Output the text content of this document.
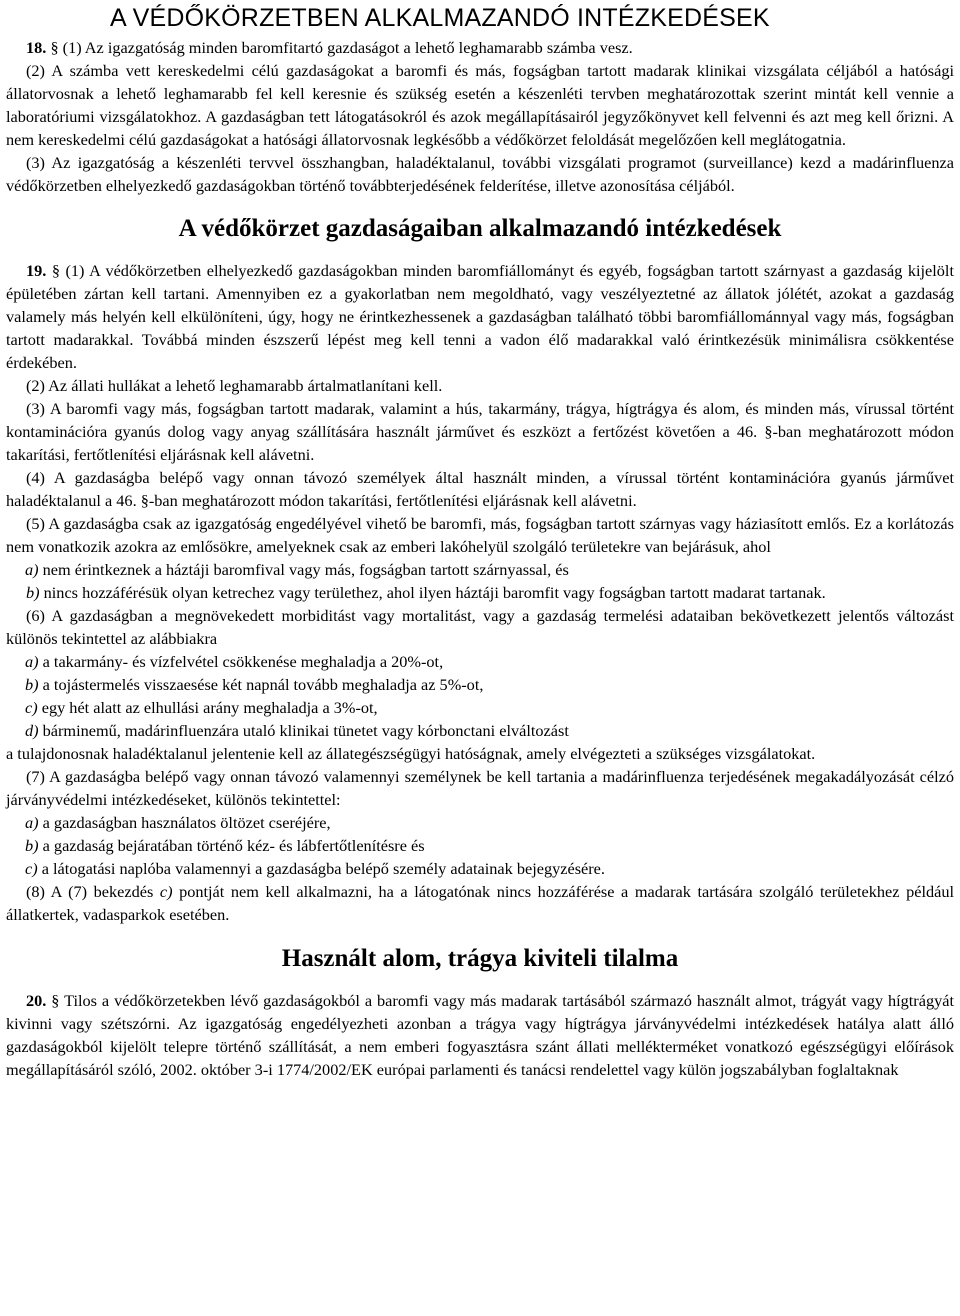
A VÉDŐKÖRZETBEN ALKALMAZANDÓ INTÉZKEDÉSEK

18. § (1) Az igazgatóság minden baromfitartó gazdaságot a lehető leghamarabb számba vesz.

(2) A számba vett kereskedelmi célú gazdaságokat a baromfi és más, fogságban tartott madarak klinikai vizsgálata céljából a hatósági állatorvosnak a lehető leghamarabb fel kell keresnie és szükség esetén a készenléti tervben meghatározottak szerint mintát kell vennie a laboratóriumi vizsgálatokhoz. A gazdaságban tett látogatásokról és azok megállapításairól jegyzőkönyvet kell felvenni és azt meg kell őrizni. A nem kereskedelmi célú gazdaságokat a hatósági állatorvosnak legkésőbb a védőkörzet feloldását megelőzően kell meglátogatnia.

(3) Az igazgatóság a készenléti tervvel összhangban, haladéktalanul, további vizsgálati programot (surveillance) kezd a madárinfluenza védőkörzetben elhelyezkedő gazdaságokban történő továbbterjedésének felderítése, illetve azonosítása céljából.

A védőkörzet gazdaságaiban alkalmazandó intézkedések

19. § (1) A védőkörzetben elhelyezkedő gazdaságokban minden baromfiállományt és egyéb, fogságban tartott szárnyast a gazdaság kijelölt épületében zártan kell tartani. Amennyiben ez a gyakorlatban nem megoldható, vagy veszélyeztetné az állatok jólétét, azokat a gazdaság valamely más helyén kell elkülöníteni, úgy, hogy ne érintkezhessenek a gazdaságban található többi baromfiállománnyal vagy más, fogságban tartott madarakkal. Továbbá minden észszerű lépést meg kell tenni a vadon élő madarakkal való érintkezésük minimálisra csökkentése érdekében.

(2) Az állati hullákat a lehető leghamarabb ártalmatlanítani kell.

(3) A baromfi vagy más, fogságban tartott madarak, valamint a hús, takarmány, trágya, hígtrágya és alom, és minden más, vírussal történt kontaminációra gyanús dolog vagy anyag szállítására használt járművet és eszközt a fertőzést követően a 46. §-ban meghatározott módon takarítási, fertőtlenítési eljárásnak kell alávetni.

(4) A gazdaságba belépő vagy onnan távozó személyek által használt minden, a vírussal történt kontaminációra gyanús járművet haladéktalanul a 46. §-ban meghatározott módon takarítási, fertőtlenítési eljárásnak kell alávetni.

(5) A gazdaságba csak az igazgatóság engedélyével vihető be baromfi, más, fogságban tartott szárnyas vagy háziasított emlős. Ez a korlátozás nem vonatkozik azokra az emlősökre, amelyeknek csak az emberi lakóhelyül szolgáló területekre van bejárásuk, ahol

a) nem érintkeznek a háztáji baromfival vagy más, fogságban tartott szárnyassal, és

b) nincs hozzáférésük olyan ketrechez vagy területhez, ahol ilyen háztáji baromfit vagy fogságban tartott madarat tartanak.

(6) A gazdaságban a megnövekedett morbiditást vagy mortalitást, vagy a gazdaság termelési adataiban bekövetkezett jelentős változást különös tekintettel az alábbiakra

a) a takarmány- és vízfelvétel csökkenése meghaladja a 20%-ot,

b) a tojástermelés visszaesése két napnál tovább meghaladja az 5%-ot,

c) egy hét alatt az elhullási arány meghaladja a 3%-ot,

d) bárminemű, madárinfluenzára utaló klinikai tünetet vagy kórbonctani elváltozást

a tulajdonosnak haladéktalanul jelentenie kell az állategészségügyi hatóságnak, amely elvégezteti a szükséges vizsgálatokat.

(7) A gazdaságba belépő vagy onnan távozó valamennyi személynek be kell tartania a madárinfluenza terjedésének megakadályozását célzó járványvédelmi intézkedéseket, különös tekintettel:

a) a gazdaságban használatos öltözet cseréjére,

b) a gazdaság bejáratában történő kéz- és lábfertőtlenítésre és

c) a látogatási naplóba valamennyi a gazdaságba belépő személy adatainak bejegyzésére.

(8) A (7) bekezdés c) pontját nem kell alkalmazni, ha a látogatónak nincs hozzáférése a madarak tartására szolgáló területekhez például állatkertek, vadasparkok esetében.

Használt alom, trágya kiviteli tilalma

20. § Tilos a védőkörzetekben lévő gazdaságokból a baromfi vagy más madarak tartásából származó használt almot, trágyát vagy hígtrágyát kivinni vagy szétszórni. Az igazgatóság engedélyezheti azonban a trágya vagy hígtrágya járványvédelmi intézkedések hatálya alatt álló gazdaságokból kijelölt telepre történő szállítását, a nem emberi fogyasztásra szánt állati mellékterméket vonatkozó egészségügyi előírások megállapításáról szóló, 2002. október 3-i 1774/2002/EK európai parlamenti és tanácsi rendelettel vagy külön jogszabályban foglaltaknak
